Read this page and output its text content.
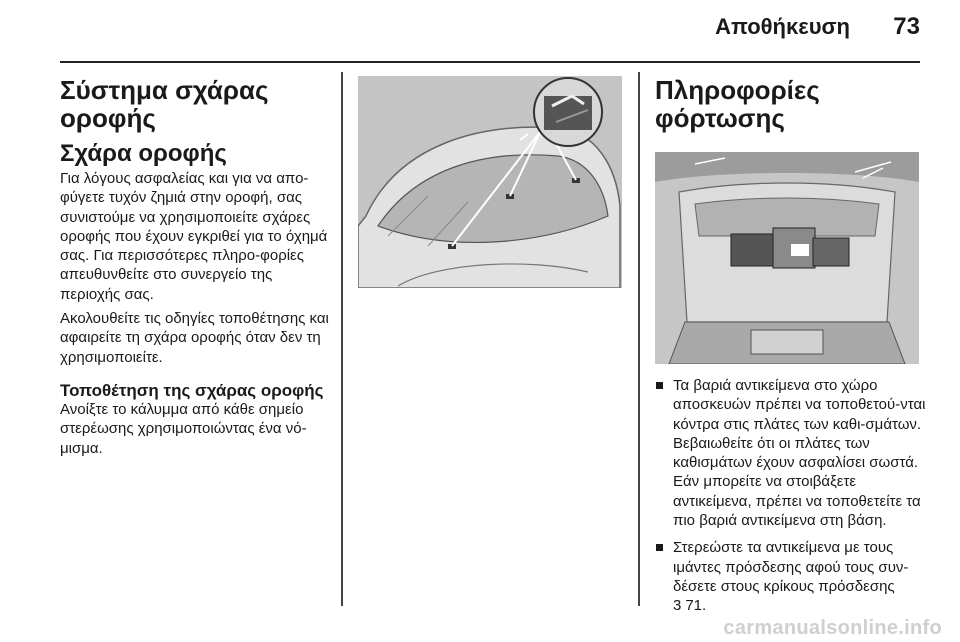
Αποθήκευση 73
Σύστημα σχάρας οροφής
Σχάρα οροφής

Για λόγους ασφαλείας και για να απο-φύγετε τυχόν ζημιά στην οροφή, σας συνιστούμε να χρησιμοποιείτε σχάρες οροφής που έχουν εγκριθεί για το όχημά σας. Για περισσότερες πληρο-φορίες απευθυνθείτε στο συνεργείο της περιοχής σας.

Ακολουθείτε τις οδηγίες τοποθέτησης και αφαιρείτε τη σχάρα οροφής όταν δεν τη χρησιμοποιείτε.

Τοποθέτηση της σχάρας οροφής

Ανοίξτε το κάλυμμα από κάθε σημείο στερέωσης χρησιμοποιώντας ένα νό-μισμα.

Πληροφορίες φόρτωσης
Τα βαριά αντικείμενα στο χώρο αποσκευών πρέπει να τοποθετού-νται κόντρα στις πλάτες των καθι-σμάτων. Βεβαιωθείτε ότι οι πλάτες των καθισμάτων έχουν ασφαλίσει σωστά. Εάν μπορείτε να στοιβάξετε αντικείμενα, πρέπει να τοποθετείτε τα πιο βαριά αντικείμενα στη βάση.
Στερεώστε τα αντικείμενα με τους ιμάντες πρόσδεσης αφού τους συν-δέσετε στους κρίκους πρόσδεσης
3 71.
carmanualsonline.info
